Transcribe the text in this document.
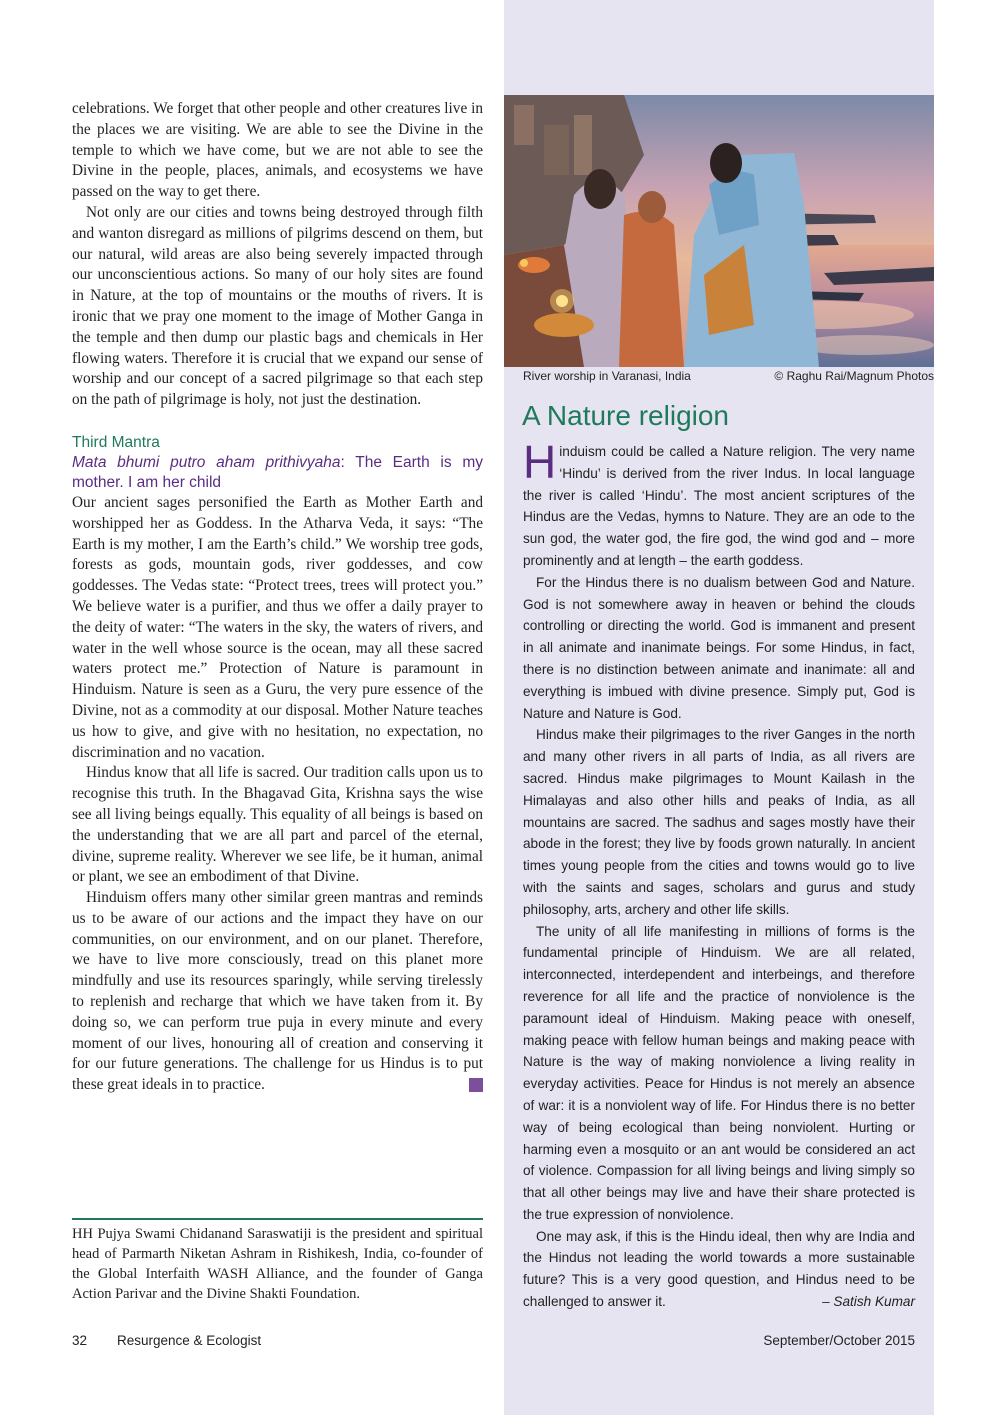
celebrations. We forget that other people and other creatures live in the places we are visiting. We are able to see the Divine in the temple to which we have come, but we are not able to see the Divine in the people, places, animals, and ecosystems we have passed on the way to get there.

Not only are our cities and towns being destroyed through filth and wanton disregard as millions of pilgrims descend on them, but our natural, wild areas are also being severely impacted through our unconscientious actions. So many of our holy sites are found in Nature, at the top of mountains or the mouths of rivers. It is ironic that we pray one moment to the image of Mother Ganga in the temple and then dump our plastic bags and chemicals in Her flowing waters. Therefore it is crucial that we expand our sense of worship and our concept of a sacred pilgrimage so that each step on the path of pilgrimage is holy, not just the destination.

Third Mantra
Mata bhumi putro aham prithivyaha: The Earth is my mother. I am her child

Our ancient sages personified the Earth as Mother Earth and worshipped her as Goddess. In the Atharva Veda, it says: “The Earth is my mother, I am the Earth’s child.” We worship tree gods, forests as gods, mountain gods, river goddesses, and cow goddesses. The Vedas state: “Protect trees, trees will protect you.” We believe water is a purifier, and thus we offer a daily prayer to the deity of water: “The waters in the sky, the waters of rivers, and water in the well whose source is the ocean, may all these sacred waters protect me.” Protection of Nature is paramount in Hinduism. Nature is seen as a Guru, the very pure essence of the Divine, not as a commodity at our disposal. Mother Nature teaches us how to give, and give with no hesitation, no expectation, no discrimination and no vacation.

Hindus know that all life is sacred. Our tradition calls upon us to recognise this truth. In the Bhagavad Gita, Krishna says the wise see all living beings equally. This equality of all beings is based on the understanding that we are all part and parcel of the eternal, divine, supreme reality. Wherever we see life, be it human, animal or plant, we see an embodiment of that Divine.

Hinduism offers many other similar green mantras and reminds us to be aware of our actions and the impact they have on our communities, on our environment, and on our planet. Therefore, we have to live more consciously, tread on this planet more mindfully and use its resources sparingly, while serving tirelessly to replenish and recharge that which we have taken from it. By doing so, we can perform true puja in every minute and every moment of our lives, honouring all of creation and conserving it for our future generations. The challenge for us Hindus is to put these great ideals in to practice.	R

HH Pujya Swami Chidanand Saraswatiji is the president and spiritual head of Parmarth Niketan Ashram in Rishikesh, India, co-founder of the Global Interfaith WASH Alliance, and the founder of Ganga Action Parivar and the Divine Shakti Foundation.

River worship in Varanasi, India	© Raghu Rai/Magnum Photos
A Nature religion

Hinduism could be called a Nature religion. The very name ‘Hindu’ is derived from the river Indus. In local language the river is called ‘Hindu’. The most ancient scriptures of the Hindus are the Vedas, hymns to Nature. They are an ode to the sun god, the water god, the fire god, the wind god and – more prominently and at length – the earth goddess.

For the Hindus there is no dualism between God and Nature. God is not somewhere away in heaven or behind the clouds controlling or directing the world. God is immanent and present in all animate and inanimate beings. For some Hindus, in fact, there is no distinction between animate and inanimate: all and everything is imbued with divine presence. Simply put, God is Nature and Nature is God.

Hindus make their pilgrimages to the river Ganges in the north and many other rivers in all parts of India, as all rivers are sacred. Hindus make pilgrimages to Mount Kailash in the Himalayas and also other hills and peaks of India, as all mountains are sacred. The sadhus and sages mostly have their abode in the forest; they live by foods grown naturally. In ancient times young people from the cities and towns would go to live with the saints and sages, scholars and gurus and study philosophy, arts, archery and other life skills.

The unity of all life manifesting in millions of forms is the fundamental principle of Hinduism. We are all related, interconnected, interdependent and interbeings, and therefore reverence for all life and the practice of nonviolence is the paramount ideal of Hinduism. Making peace with oneself, making peace with fellow human beings and making peace with Nature is the way of making nonviolence a living reality in everyday activities. Peace for Hindus is not merely an absence of war: it is a nonviolent way of life. For Hindus there is no better way of being ecological than being nonviolent. Hurting or harming even a mosquito or an ant would be considered an act of violence. Compassion for all living beings and living simply so that all other beings may live and have their share protected is the true expression of nonviolence.

One may ask, if this is the Hindu ideal, then why are India and the Hindus not leading the world towards a more sustainable future? This is a very good question, and Hindus need to be challenged to answer it.	– Satish Kumar

32 Resurgence & Ecologist	September/October 2015
